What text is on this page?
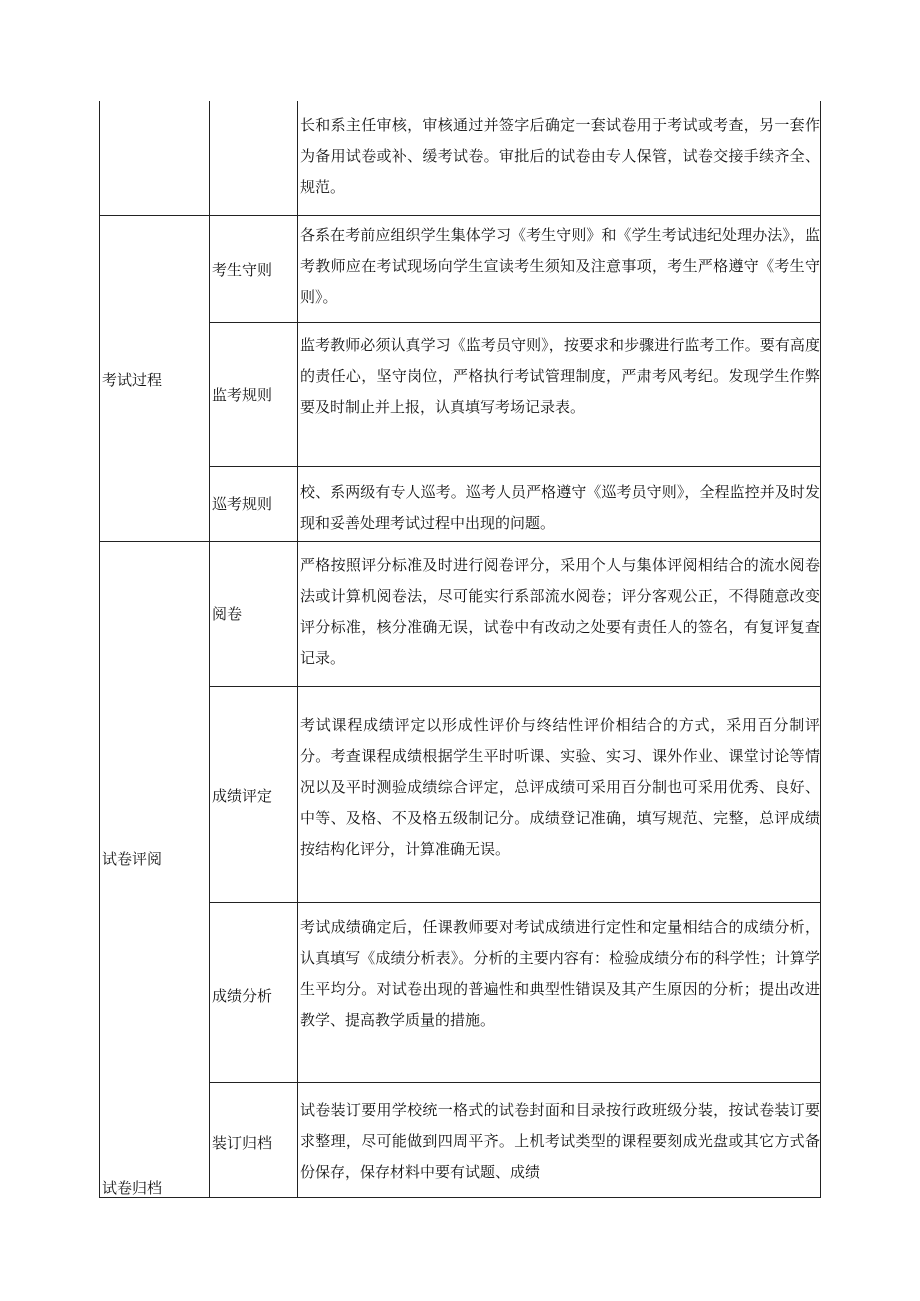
考试过程
试卷评阅
试卷归档
考生守则
监考规则
巡考规则
阅卷
成绩评定
成绩分析
装订归档
长和系主任审核，审核通过并签字后确定一套试卷用于考试或考查，另一套作为备用试卷或补、缓考试卷。审批后的试卷由专人保管，试卷交接手续齐全、规范。
各系在考前应组织学生集体学习《考生守则》和《学生考试违纪处理办法》，监考教师应在考试现场向学生宣读考生须知及注意事项，考生严格遵守《考生守则》。
监考教师必须认真学习《监考员守则》，按要求和步骤进行监考工作。要有高度的责任心，坚守岗位，严格执行考试管理制度，严肃考风考纪。发现学生作弊要及时制止并上报，认真填写考场记录表。
校、系两级有专人巡考。巡考人员严格遵守《巡考员守则》，全程监控并及时发现和妥善处理考试过程中出现的问题。
严格按照评分标准及时进行阅卷评分，采用个人与集体评阅相结合的流水阅卷法或计算机阅卷法，尽可能实行系部流水阅卷；评分客观公正，不得随意改变评分标准，核分准确无误，试卷中有改动之处要有责任人的签名，有复评复查记录。
考试课程成绩评定以形成性评价与终结性评价相结合的方式，采用百分制评分。考查课程成绩根据学生平时听课、实验、实习、课外作业、课堂讨论等情况以及平时测验成绩综合评定，总评成绩可采用百分制也可采用优秀、良好、中等、及格、不及格五级制记分。成绩登记准确，填写规范、完整，总评成绩按结构化评分，计算准确无误。
考试成绩确定后，任课教师要对考试成绩进行定性和定量相结合的成绩分析，认真填写《成绩分析表》。分析的主要内容有：检验成绩分布的科学性；计算学生平均分。对试卷出现的普遍性和典型性错误及其产生原因的分析；提出改进教学、提高教学质量的措施。
试卷装订要用学校统一格式的试卷封面和目录按行政班级分装，按试卷装订要求整理，尽可能做到四周平齐。上机考试类型的课程要刻成光盘或其它方式备份保存，保存材料中要有试题、成绩
